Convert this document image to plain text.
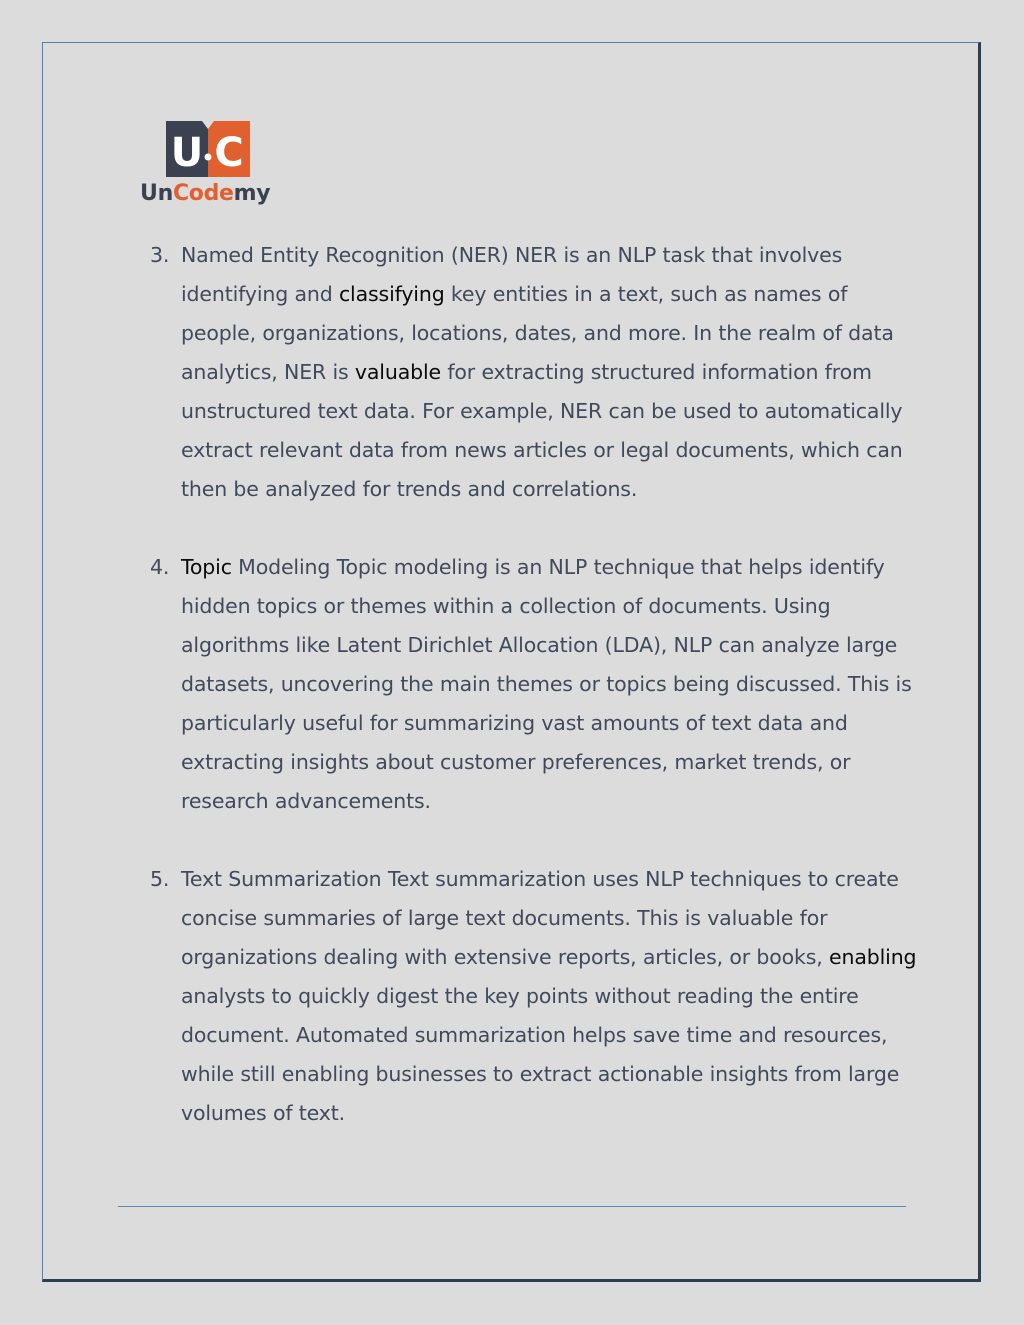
U C
UnCodemy
3. Named Entity Recognition (NER) NER is an NLP task that involves identifying and classifying key entities in a text, such as names of people, organizations, locations, dates, and more. In the realm of data analytics, NER is valuable for extracting structured information from unstructured text data. For example, NER can be used to automatically extract relevant data from news articles or legal documents, which can then be analyzed for trends and correlations.
4. Topic Modeling Topic modeling is an NLP technique that helps identify hidden topics or themes within a collection of documents. Using algorithms like Latent Dirichlet Allocation (LDA), NLP can analyze large datasets, uncovering the main themes or topics being discussed. This is particularly useful for summarizing vast amounts of text data and extracting insights about customer preferences, market trends, or research advancements.
5. Text Summarization Text summarization uses NLP techniques to create concise summaries of large text documents. This is valuable for organizations dealing with extensive reports, articles, or books, enabling analysts to quickly digest the key points without reading the entire document. Automated summarization helps save time and resources, while still enabling businesses to extract actionable insights from large volumes of text.
